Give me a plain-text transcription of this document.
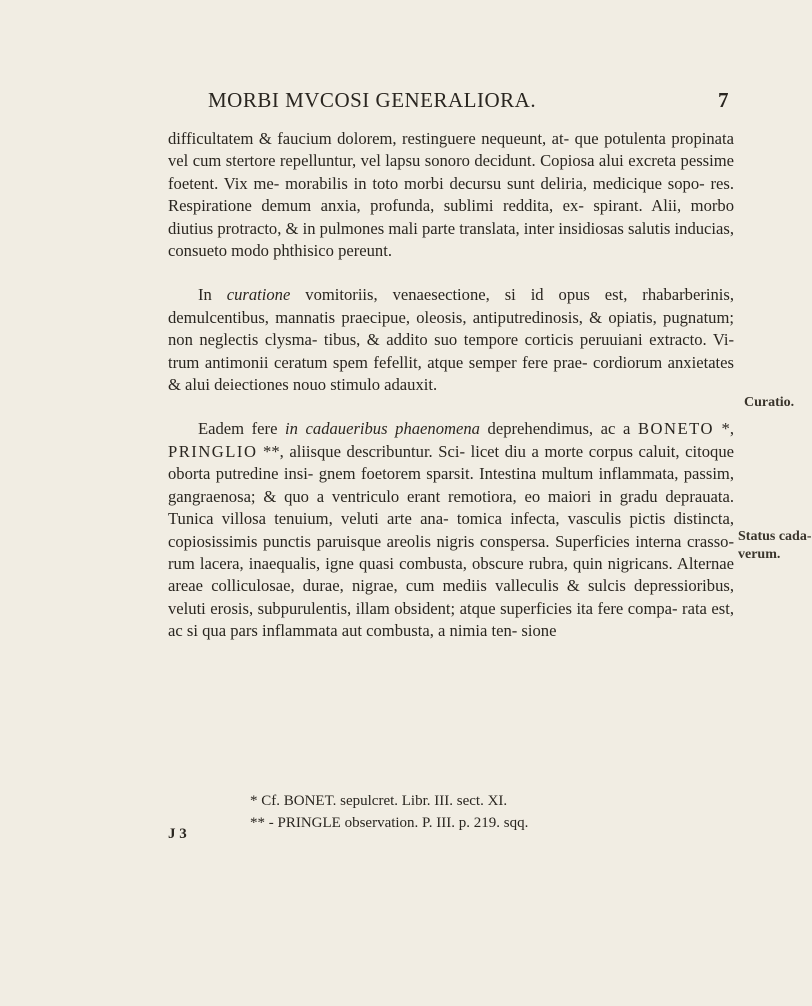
MORBI MVCOSI GENERALIORA.	7

difficultatem & faucium dolorem, restinguere nequeunt, at- que potulenta propinata vel cum stertore repelluntur, vel lapsu sonoro decidunt. Copiosa alui excreta pessime foetent. Vix me- morabilis in toto morbi decursu sunt deliria, medicique sopo- res. Respiratione demum anxia, profunda, sublimi reddita, ex- spirant. Alii, morbo diutius protracto, & in pulmones mali parte translata, inter insidiosas salutis inducias, consueto modo phthisico pereunt.

In curatione vomitoriis, venaesectione, si id opus est, rhabarberinis, demulcentibus, mannatis praecipue, oleosis, antiputredinosis, & opiatis, pugnatum; non neglectis clysma- tibus, & addito suo tempore corticis peruuiani extracto. Vi- trum antimonii ceratum spem fefellit, atque semper fere prae- cordiorum anxietates & alui deiectiones nouo stimulo adauxit.

Eadem fere in cadaueribus phaenomena deprehendimus, ac a BONETO *, PRINGLIO **, aliisque describuntur. Sci- licet diu a morte corpus caluit, citoque oborta putredine insi- gnem foetorem sparsit. Intestina multum inflammata, passim, gangraenosa; & quo a ventriculo erant remotiora, eo maiori in gradu deprauata. Tunica villosa tenuium, veluti arte ana- tomica infecta, vasculis pictis distincta, copiosissimis punctis paruisque areolis nigris conspersa. Superficies interna crasso- rum lacera, inaequalis, igne quasi combusta, obscure rubra, quin nigricans. Alternae areae colliculosae, durae, nigrae, cum mediis valleculis & sulcis depressioribus, veluti erosis, subpurulentis, illam obsident; atque superficies ita fere compa- rata est, ac si qua pars inflammata aut combusta, a nimia ten- sione

Curatio.
Status cada-
verum.
* Cf. BONET. sepulcret. Libr. III. sect. XI.
** - PRINGLE observation. P. III. p. 219. sqq.
J 3
